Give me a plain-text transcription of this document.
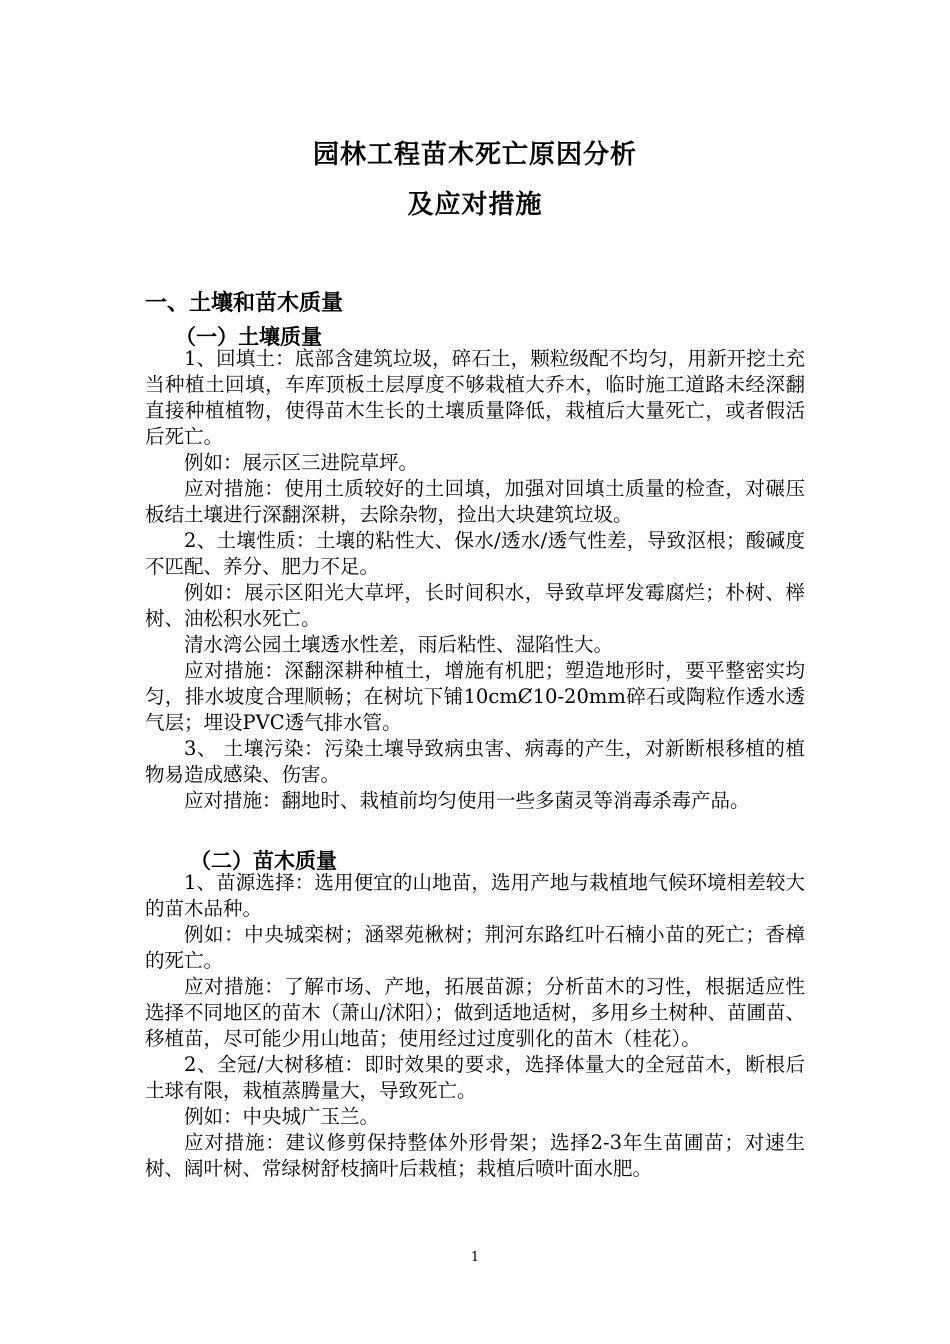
园林工程苗木死亡原因分析
及应对措施
一、土壤和苗木质量
（一）土壤质量

1、回填土：底部含建筑垃圾，碎石土，颗粒级配不均匀，用新开挖土充当种植土回填，车库顶板土层厚度不够栽植大乔木，临时施工道路未经深翻直接种植植物，使得苗木生长的土壤质量降低，栽植后大量死亡，或者假活后死亡。

例如：展示区三进院草坪。

应对措施：使用土质较好的土回填，加强对回填土质量的检查，对碾压板结土壤进行深翻深耕，去除杂物，捡出大块建筑垃圾。

2、土壤性质：土壤的粘性大、保水/透水/透气性差，导致沤根；酸碱度不匹配、养分、肥力不足。

例如：展示区阳光大草坪，长时间积水，导致草坪发霉腐烂；朴树、榉树、油松积水死亡。

清水湾公园土壤透水性差，雨后粘性、湿陷性大。

应对措施：深翻深耕种植土，增施有机肥；塑造地形时，要平整密实均匀，排水坡度合理顺畅；在树坑下铺10cmȻ10-20mm碎石或陶粒作透水透气层；埋设PVC透气排水管。

3、 土壤污染：污染土壤导致病虫害、病毒的产生，对新断根移植的植物易造成感染、伤害。

应对措施：翻地时、栽植前均匀使用一些多菌灵等消毒杀毒产品。

（二）苗木质量

1、苗源选择：选用便宜的山地苗，选用产地与栽植地气候环境相差较大的苗木品种。

例如：中央城栾树；涵翠苑楸树；荆河东路红叶石楠小苗的死亡；香樟的死亡。

应对措施：了解市场、产地，拓展苗源；分析苗木的习性，根据适应性选择不同地区的苗木（萧山/沭阳）；做到适地适树，多用乡土树种、苗圃苗、移植苗，尽可能少用山地苗；使用经过过度驯化的苗木（桂花）。

2、全冠/大树移植：即时效果的要求，选择体量大的全冠苗木，断根后土球有限，栽植蒸腾量大，导致死亡。

例如：中央城广玉兰。

应对措施：建议修剪保持整体外形骨架；选择2-3年生苗圃苗；对速生树、阔叶树、常绿树舒枝摘叶后栽植；栽植后喷叶面水肥。

1
